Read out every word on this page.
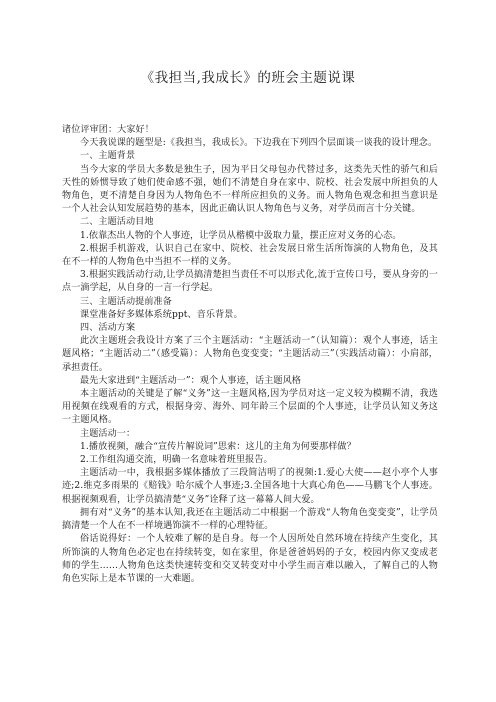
《我担当,我成长》的班会主题说课

诸位评审团：大家好！

今天我说课的题型是:《我担当，我成长》。下边我在下列四个层面谈一谈我的设计理念。

一、主题背景

当今大家的学员大多数是独生子，因为平日父母包办代替过多，这类先天性的骄气和后天性的娇惯导致了她们使命感不强，她们不清楚自身在家中、院校、社会发展中所担负的人物角色，更不清楚自身因为人物角色不一样所应担负的义务。而人物角色观念和担当意识是一个人社会认知发展趋势的基本，因此正确认识人物角色与义务，对学员而言十分关键。

二、主题活动目地

1.依靠杰出人物的个人事迹，让学员从楷模中汲取力量，摆正应对义务的心态。

2.根据手机游戏，认识自己在家中、院校、社会发展日常生活所饰演的人物角色，及其在不一样的人物角色中当担不一样的义务。

3.根据实践活动行动,让学员搞清楚担当责任不可以形式化,流于宣传口号，要从身旁的一点一滴学起，从自身的一言一行学起。

三、主题活动提前准备

课堂准备好多媒体系统ppt、音乐背景。

四、活动方案

此次主题班会我设计方案了三个主题活动：“主题活动一”（认知篇）：观个人事迹，话主题风格；“主题活动二”（感受篇）：人物角色变变变；“主题活动三”（实践活动篇）：小肩部，承担责任。

最先大家进到“主题活动一”：观个人事迹，话主题风格

本主题活动的关键是了解“义务”这一主题风格,因为学员对这一定义较为模糊不清，我选用视频在线观看的方式，根据身旁、海外、同年龄三个层面的个人事迹，让学员认知义务这一主题风格。

主题活动一：

1.播放视频，融合“宣传片解说词”思索：这儿的主角为何要那样做？

2.工作组沟通交流，明确一名意味着班里报告。

主题活动一中，我根据多媒体播放了三段简洁明了的视频:1.爱心大使——赵小亭个人事迹;2.维克多雨果的《赔钱》哈尔威个人事迹;3.全国各地十大真心角色——马鹏飞个人事迹。根据视频观看，让学员搞清楚“义务”诠释了这一幕幕人间大爱。

拥有对“义务”的基本认知,我还在主题活动二中根据一个游戏“人物角色变变变”，让学员搞清楚一个人在不一样境遇饰演不一样的心理特征。

俗话说得好：一个人较难了解的是自身。每一个人因所处自然环境在持续产生变化，其所饰演的人物角色必定也在持续转变，如在家里，你是爸爸妈妈的子女，校园内你又变成老师的学生……人物角色这类快速转变和交叉转变对中小学生而言难以融入，了解自己的人物角色实际上是本节课的一大难题。
